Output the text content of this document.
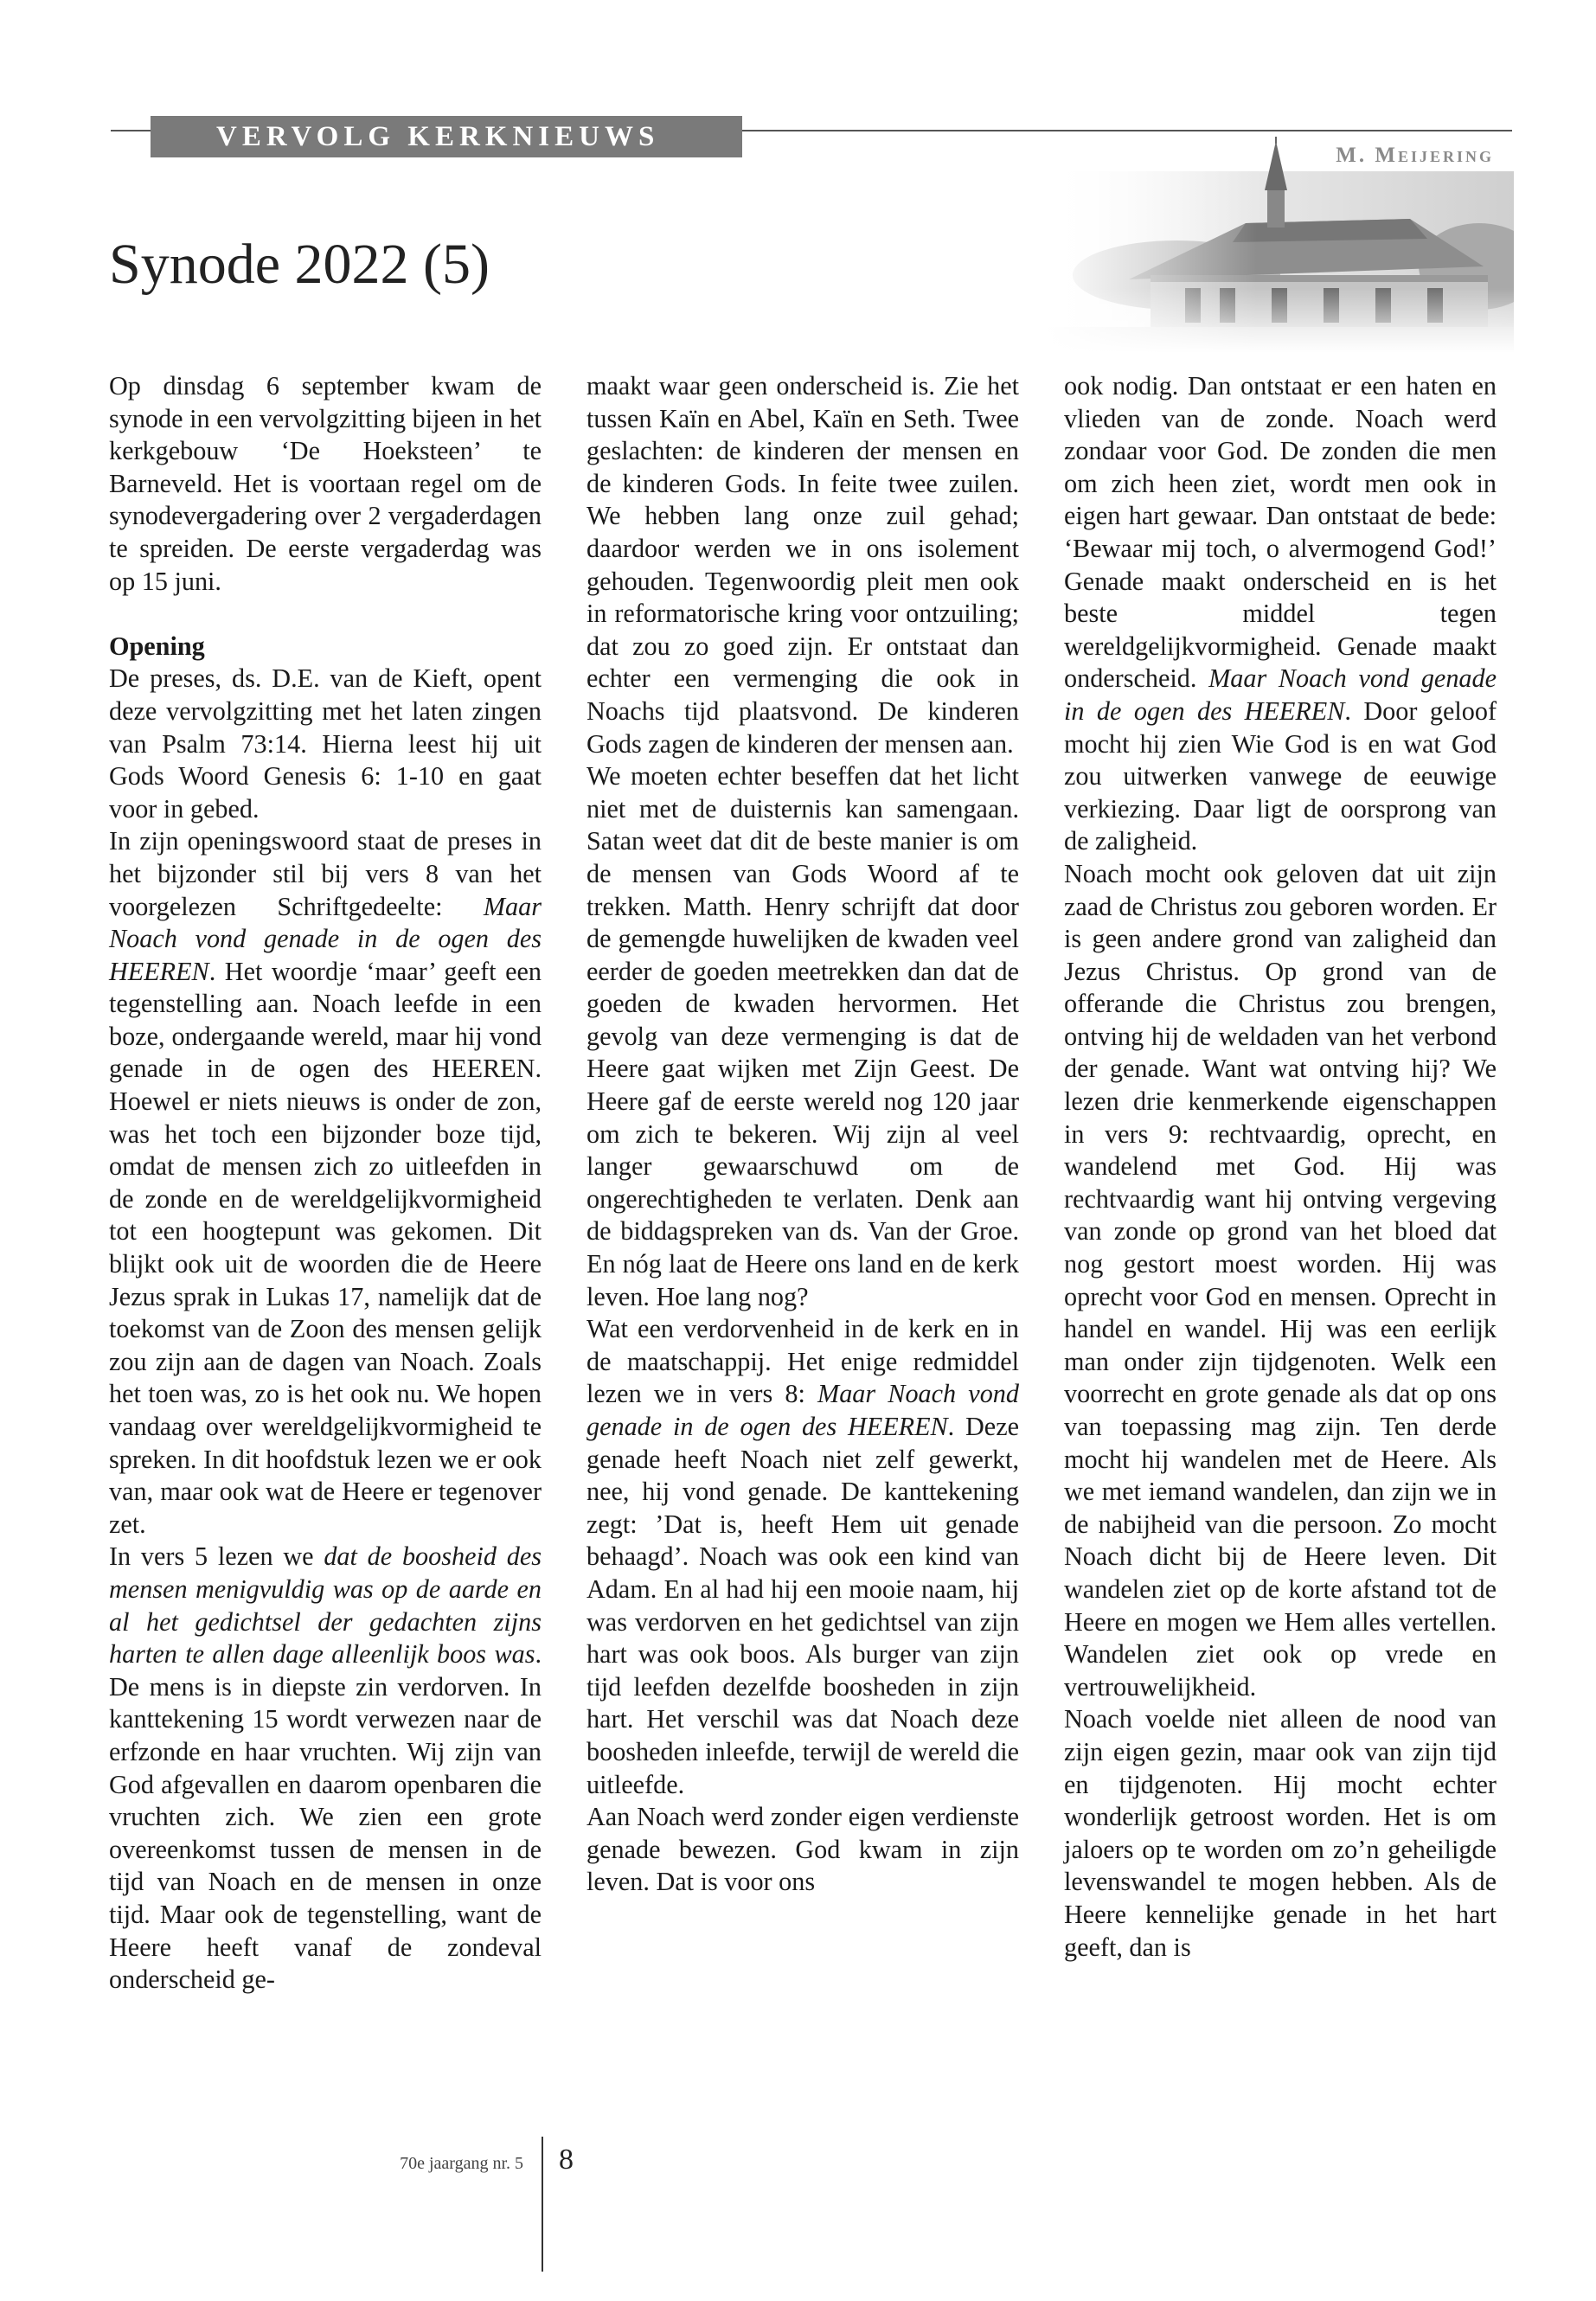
VERVOLG KERKNIEUWS
Synode 2022 (5)

Op dinsdag 6 september kwam de synode in een vervolgzitting bijeen in het kerkgebouw ‘De Hoeksteen’ te Barneveld. Het is voortaan regel om de synodevergadering over 2 vergaderdagen te spreiden. De eerste vergaderdag was op 15 juni.

Opening

De preses, ds. D.E. van de Kieft, opent deze vervolgzitting met het laten zingen van Psalm 73:14. Hierna leest hij uit Gods Woord Genesis 6: 1-10 en gaat voor in gebed.

In zijn openingswoord staat de preses in het bijzonder stil bij vers 8 van het voorgelezen Schriftgedeelte: Maar Noach vond genade in de ogen des HEEREN. Het woordje ‘maar’ geeft een tegenstelling aan. Noach leefde in een boze, ondergaande wereld, maar hij vond genade in de ogen des HEEREN. Hoewel er niets nieuws is onder de zon, was het toch een bijzonder boze tijd, omdat de mensen zich zo uitleefden in de zonde en de wereldgelijkvormigheid tot een hoogtepunt was gekomen. Dit blijkt ook uit de woorden die de Heere Jezus sprak in Lukas 17, namelijk dat de toekomst van de Zoon des mensen gelijk zou zijn aan de dagen van Noach. Zoals het toen was, zo is het ook nu. We hopen vandaag over wereldgelijkvormigheid te spreken. In dit hoofdstuk lezen we er ook van, maar ook wat de Heere er tegenover zet.

In vers 5 lezen we dat de boosheid des mensen menigvuldig was op de aarde en al het gedichtsel der gedachten zijns harten te allen dage alleenlijk boos was. De mens is in diepste zin verdorven. In kanttekening 15 wordt verwezen naar de erfzonde en haar vruchten. Wij zijn van God afgevallen en daarom openbaren die vruchten zich. We zien een grote overeenkomst tussen de mensen in de tijd van Noach en de mensen in onze tijd. Maar ook de tegenstelling, want de Heere heeft vanaf de zondeval onderscheid ge-

maakt waar geen onderscheid is. Zie het tussen Kaïn en Abel, Kaïn en Seth. Twee geslachten: de kinderen der mensen en de kinderen Gods. In feite twee zuilen. We hebben lang onze zuil gehad; daardoor werden we in ons isolement gehouden. Tegenwoordig pleit men ook in reformatorische kring voor ontzuiling; dat zou zo goed zijn. Er ontstaat dan echter een vermenging die ook in Noachs tijd plaatsvond. De kinderen Gods zagen de kinderen der mensen aan.

We moeten echter beseffen dat het licht niet met de duisternis kan samengaan. Satan weet dat dit de beste manier is om de mensen van Gods Woord af te trekken. Matth. Henry schrijft dat door de gemengde huwelijken de kwaden veel eerder de goeden meetrekken dan dat de goeden de kwaden hervormen. Het gevolg van deze vermenging is dat de Heere gaat wijken met Zijn Geest. De Heere gaf de eerste wereld nog 120 jaar om zich te bekeren. Wij zijn al veel langer gewaarschuwd om de ongerechtigheden te verlaten. Denk aan de biddagspreken van ds. Van der Groe. En nóg laat de Heere ons land en de kerk leven. Hoe lang nog?

Wat een verdorvenheid in de kerk en in de maatschappij. Het enige redmiddel lezen we in vers 8: Maar Noach vond genade in de ogen des HEEREN. Deze genade heeft Noach niet zelf gewerkt, nee, hij vond genade. De kanttekening zegt: ’Dat is, heeft Hem uit genade behaagd’. Noach was ook een kind van Adam. En al had hij een mooie naam, hij was verdorven en het gedichtsel van zijn hart was ook boos. Als burger van zijn tijd leefden dezelfde boosheden in zijn hart. Het verschil was dat Noach deze boosheden inleefde, terwijl de wereld die uitleefde.

Aan Noach werd zonder eigen verdienste genade bewezen. God kwam in zijn leven. Dat is voor ons

ook nodig. Dan ontstaat er een haten en vlieden van de zonde. Noach werd zondaar voor God. De zonden die men om zich heen ziet, wordt men ook in eigen hart gewaar. Dan ontstaat de bede: ‘Bewaar mij toch, o alvermogend God!’ Genade maakt onderscheid en is het beste middel tegen wereldgelijkvormigheid. Genade maakt onderscheid. Maar Noach vond genade in de ogen des HEEREN. Door geloof mocht hij zien Wie God is en wat God zou uitwerken vanwege de eeuwige verkiezing. Daar ligt de oorsprong van de zaligheid.

Noach mocht ook geloven dat uit zijn zaad de Christus zou geboren worden. Er is geen andere grond van zaligheid dan Jezus Christus. Op grond van de offerande die Christus zou brengen, ontving hij de weldaden van het verbond der genade. Want wat ontving hij? We lezen drie kenmerkende eigenschappen in vers 9: rechtvaardig, oprecht, en wandelend met God. Hij was rechtvaardig want hij ontving vergeving van zonde op grond van het bloed dat nog gestort moest worden. Hij was oprecht voor God en mensen. Oprecht in handel en wandel. Hij was een eerlijk man onder zijn tijdgenoten. Welk een voorrecht en grote genade als dat op ons van toepassing mag zijn. Ten derde mocht hij wandelen met de Heere. Als we met iemand wandelen, dan zijn we in de nabijheid van die persoon. Zo mocht Noach dicht bij de Heere leven. Dit wandelen ziet op de korte afstand tot de Heere en mogen we Hem alles vertellen. Wandelen ziet ook op vrede en vertrouwelijkheid.

Noach voelde niet alleen de nood van zijn eigen gezin, maar ook van zijn tijd en tijdgenoten. Hij mocht echter wonderlijk getroost worden. Het is om jaloers op te worden om zo’n geheiligde levenswandel te mogen hebben. Als de Heere kennelijke genade in het hart geeft, dan is

70e jaargang nr. 5 8
